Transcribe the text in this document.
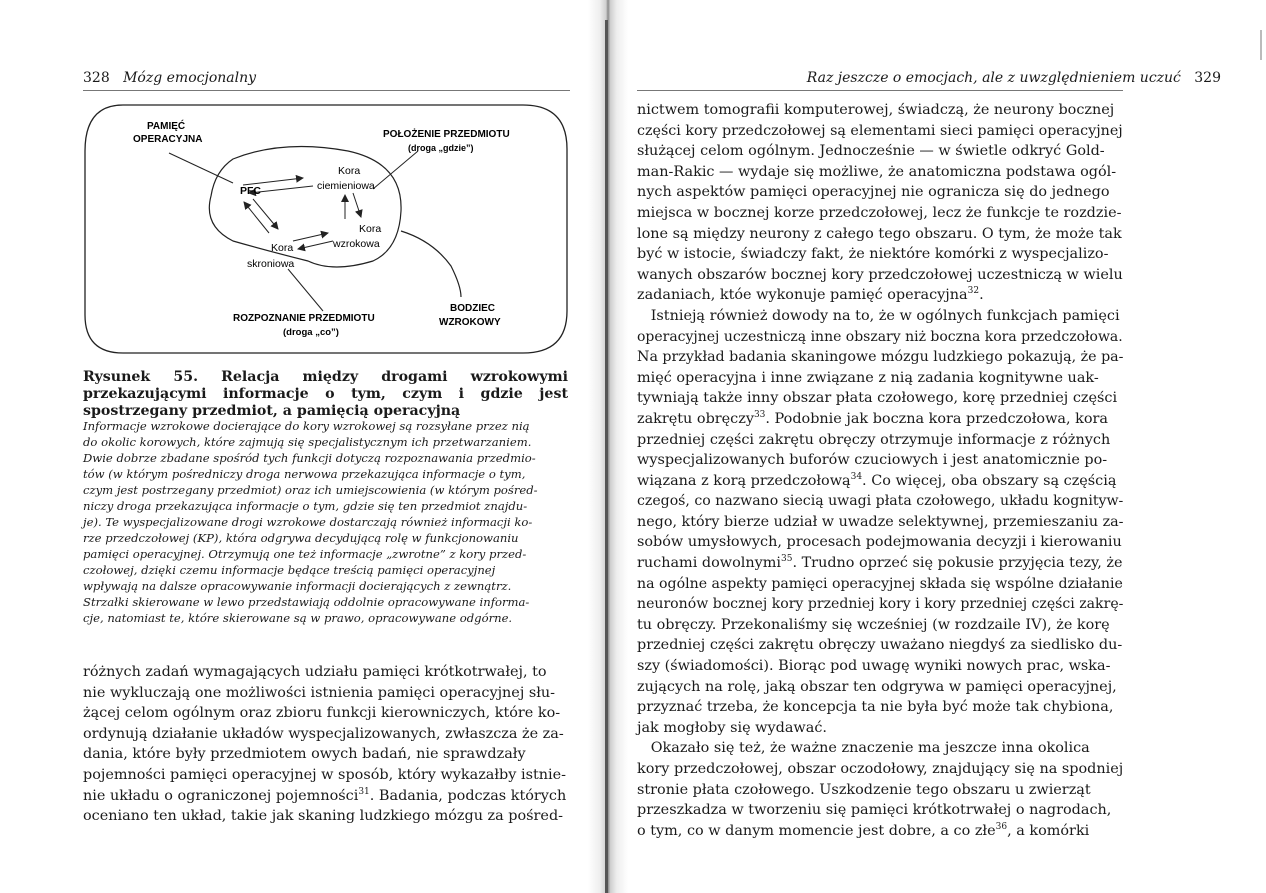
328 Mózg emocjonalny
PAMIĘĆ
OPERACYJNA	POŁOŻENIE PRZEDMIOTU
(droga „gdzie”)
PFC
Kora
ciemieniowa
Kora
wzrokowa
Kora
skroniowa
ROZPOZNANIE PRZEDMIOTU
(droga „co”)
BODZIEC
WZROKOWY
Rysunek 55. Relacja między drogami wzrokowymi przekazującymi informacje o tym, czym i gdzie jest spostrzegany przedmiot, a pamięcią operacyjną
Informacje wzrokowe docierające do kory wzrokowej są rozsyłane przez nią
do okolic korowych, które zajmują się specjalistycznym ich przetwarzaniem.
Dwie dobrze zbadane spośród tych funkcji dotyczą rozpoznawania przedmio-
tów (w którym pośredniczy droga nerwowa przekazująca informacje o tym,
czym jest postrzegany przedmiot) oraz ich umiejscowienia (w którym pośred-
niczy droga przekazująca informacje o tym, gdzie się ten przedmiot znajdu-
je). Te wyspecjalizowane drogi wzrokowe dostarczają również informacji ko-
rze przedczołowej (KP), która odgrywa decydującą rolę w funkcjonowaniu
pamięci operacyjnej. Otrzymują one też informacje „zwrotne” z kory przed-
czołowej, dzięki czemu informacje będące treścią pamięci operacyjnej
wpływają na dalsze opracowywanie informacji docierających z zewnątrz.
Strzałki skierowane w lewo przedstawiają oddolnie opracowywane informa-
cje, natomiast te, które skierowane są w prawo, opracowywane odgórne.
różnych zadań wymagających udziału pamięci krótkotrwałej, to
nie wykluczają one możliwości istnienia pamięci operacyjnej słu-
żącej celom ogólnym oraz zbioru funkcji kierowniczych, które ko-
ordynują działanie układów wyspecjalizowanych, zwłaszcza że za-
dania, które były przedmiotem owych badań, nie sprawdzały
pojemności pamięci operacyjnej w sposób, który wykazałby istnie-
nie układu o ograniczonej pojemności$^{31}$. Badania, podczas których
oceniano ten układ, takie jak skaning ludzkiego mózgu za pośred-
Raz jeszcze o emocjach, ale z uwzględnieniem uczuć 329
nictwem tomografii komputerowej, świadczą, że neurony bocznej
części kory przedczołowej są elementami sieci pamięci operacyjnej
służącej celom ogólnym. Jednocześnie — w świetle odkryć Gold-
man-Rakic — wydaje się możliwe, że anatomiczna podstawa ogól-
nych aspektów pamięci operacyjnej nie ogranicza się do jednego
miejsca w bocznej korze przedczołowej, lecz że funkcje te rozdzie-
lone są między neurony z całego tego obszaru. O tym, że może tak
być w istocie, świadczy fakt, że niektóre komórki z wyspecjalizo-
wanych obszarów bocznej kory przedczołowej uczestniczą w wielu
zadaniach, któe wykonuje pamięć operacyjna$^{32}$.
Istnieją również dowody na to, że w ogólnych funkcjach pamięci
operacyjnej uczestniczą inne obszary niż boczna kora przedczołowa.
Na przykład badania skaningowe mózgu ludzkiego pokazują, że pa-
mięć operacyjna i inne związane z nią zadania kognitywne uak-
tywniają także inny obszar płata czołowego, korę przedniej części
zakrętu obręczy$^{33}$. Podobnie jak boczna kora przedczołowa, kora
przedniej części zakrętu obręczy otrzymuje informacje z różnych
wyspecjalizowanych buforów czuciowych i jest anatomicznie po-
wiązana z korą przedczołową$^{34}$. Co więcej, oba obszary są częścią
czegoś, co nazwano siecią uwagi płata czołowego, układu kognityw-
nego, który bierze udział w uwadze selektywnej, przemieszaniu za-
sobów umysłowych, procesach podejmowania decyzji i kierowaniu
ruchami dowolnymi$^{35}$. Trudno oprzeć się pokusie przyjęcia tezy, że
na ogólne aspekty pamięci operacyjnej składa się wspólne działanie
neuronów bocznej kory przedniej kory i kory przedniej części zakrę-
tu obręczy. Przekonaliśmy się wcześniej (w rozdzaile IV), że korę
przedniej części zakrętu obręczy uważano niegdyś za siedlisko du-
szy (świadomości). Biorąc pod uwagę wyniki nowych prac, wska-
zujących na rolę, jaką obszar ten odgrywa w pamięci operacyjnej,
przyznać trzeba, że koncepcja ta nie była być może tak chybiona,
jak mogłoby się wydawać.
Okazało się też, że ważne znaczenie ma jeszcze inna okolica
kory przedczołowej, obszar oczodołowy, znajdujący się na spodniej
stronie płata czołowego. Uszkodzenie tego obszaru u zwierząt
przeszkadza w tworzeniu się pamięci krótkotrwałej o nagrodach,
o tym, co w danym momencie jest dobre, a co złe$^{36}$, a komórki
